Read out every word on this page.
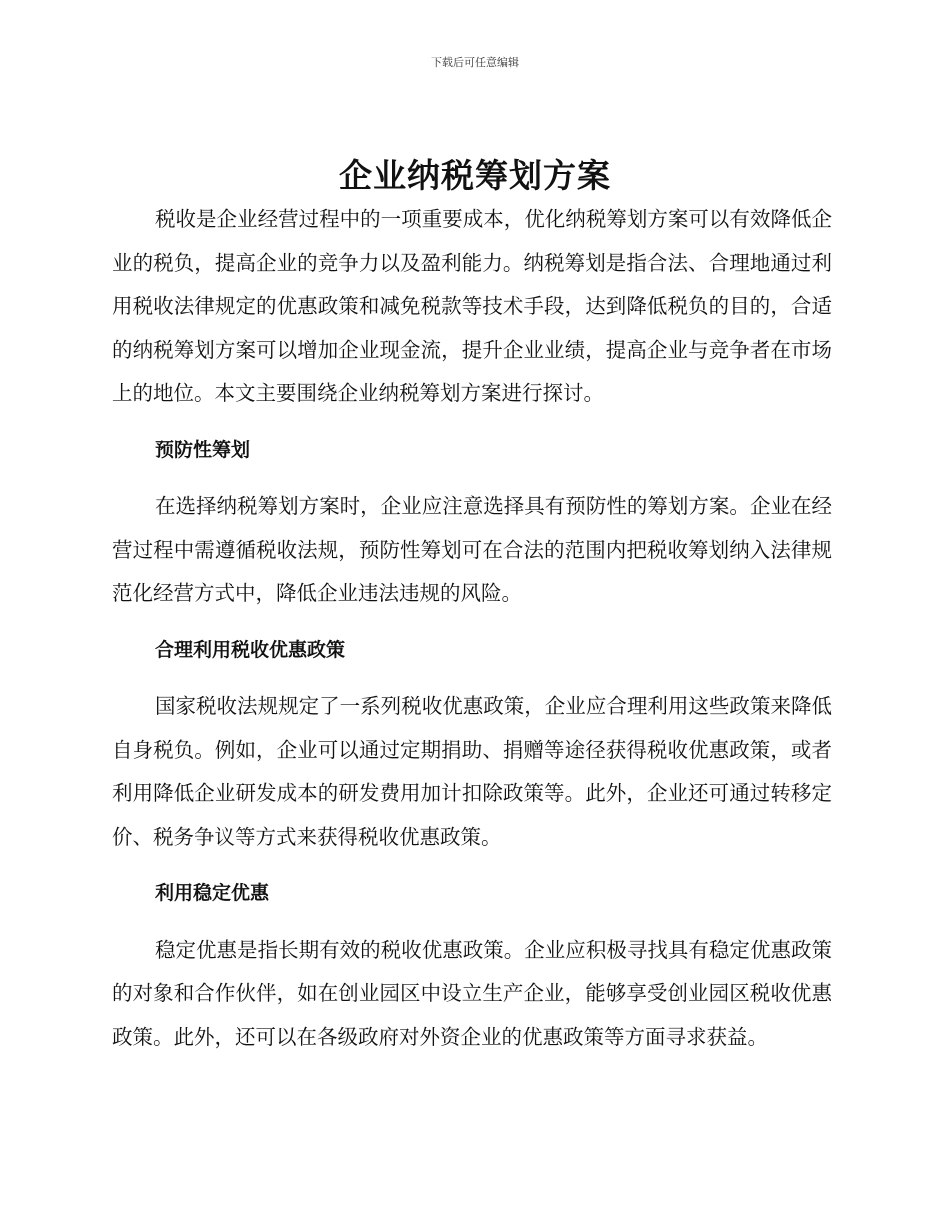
下载后可任意编辑
企业纳税筹划方案

税收是企业经营过程中的一项重要成本，优化纳税筹划方案可以有效降低企业的税负，提高企业的竞争力以及盈利能力。纳税筹划是指合法、合理地通过利用税收法律规定的优惠政策和减免税款等技术手段，达到降低税负的目的，合适的纳税筹划方案可以增加企业现金流，提升企业业绩，提高企业与竞争者在市场上的地位。本文主要围绕企业纳税筹划方案进行探讨。

预防性筹划

在选择纳税筹划方案时，企业应注意选择具有预防性的筹划方案。企业在经营过程中需遵循税收法规，预防性筹划可在合法的范围内把税收筹划纳入法律规范化经营方式中，降低企业违法违规的风险。

合理利用税收优惠政策

国家税收法规规定了一系列税收优惠政策，企业应合理利用这些政策来降低自身税负。例如，企业可以通过定期捐助、捐赠等途径获得税收优惠政策，或者利用降低企业研发成本的研发费用加计扣除政策等。此外，企业还可通过转移定价、税务争议等方式来获得税收优惠政策。

利用稳定优惠

稳定优惠是指长期有效的税收优惠政策。企业应积极寻找具有稳定优惠政策的对象和合作伙伴，如在创业园区中设立生产企业，能够享受创业园区税收优惠政策。此外，还可以在各级政府对外资企业的优惠政策等方面寻求获益。
